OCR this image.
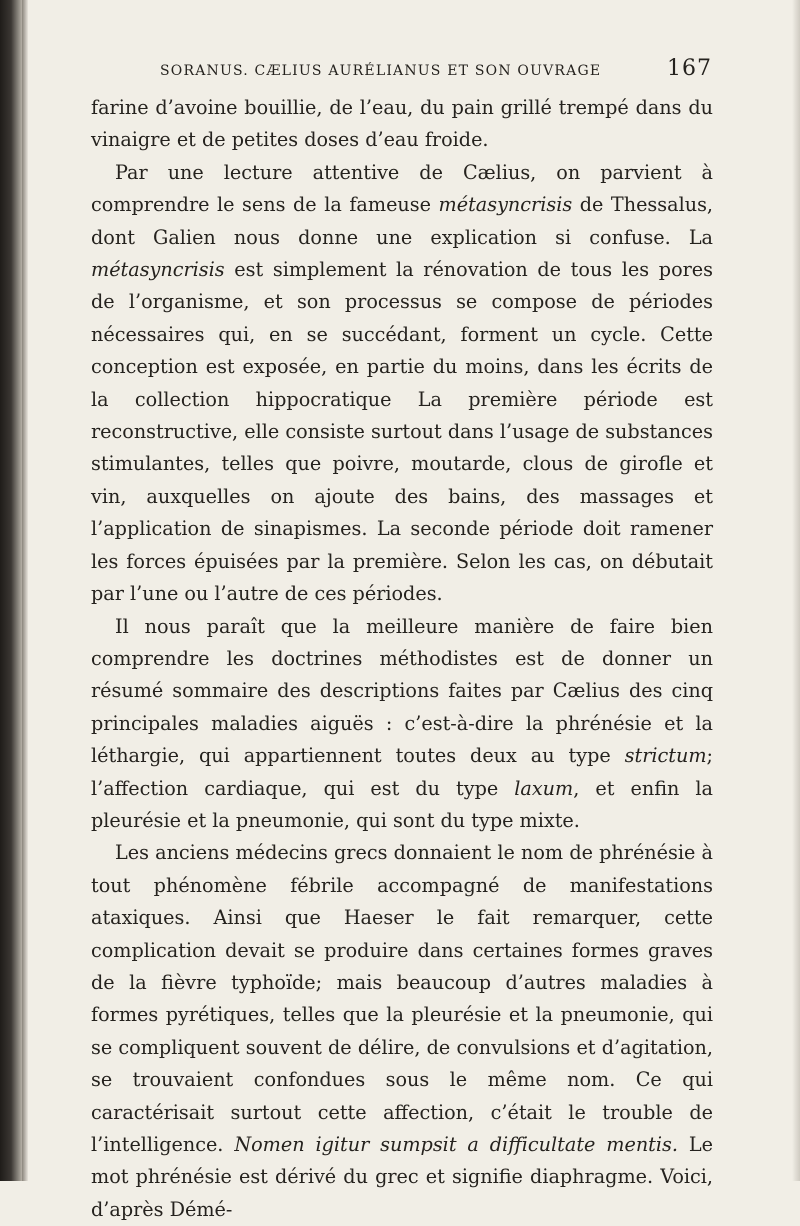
SORANUS. CÆLIUS AURÉLIANUS ET SON OUVRAGE	167

farine d’avoine bouillie, de l’eau, du pain grillé trempé dans du vinaigre et de petites doses d’eau froide.

Par une lecture attentive de Cælius, on parvient à comprendre le sens de la fameuse métasyncrisis de Thessalus, dont Galien nous donne une explication si confuse. La métasyncrisis est simplement la rénovation de tous les pores de l’organisme, et son processus se compose de périodes nécessaires qui, en se succédant, forment un cycle. Cette conception est exposée, en partie du moins, dans les écrits de la collection hippocratique La première période est reconstructive, elle consiste surtout dans l’usage de substances stimulantes, telles que poivre, moutarde, clous de girofle et vin, auxquelles on ajoute des bains, des massages et l’application de sinapismes. La seconde période doit ramener les forces épuisées par la première. Selon les cas, on débutait par l’une ou l’autre de ces périodes.

Il nous paraît que la meilleure manière de faire bien comprendre les doctrines méthodistes est de donner un résumé sommaire des descriptions faites par Cælius des cinq principales maladies aiguës : c’est-à-dire la phrénésie et la léthargie, qui appartiennent toutes deux au type strictum; l’affection cardiaque, qui est du type laxum, et enfin la pleurésie et la pneumonie, qui sont du type mixte.

Les anciens médecins grecs donnaient le nom de phrénésie à tout phénomène fébrile accompagné de manifestations ataxiques. Ainsi que Haeser le fait remarquer, cette complication devait se produire dans certaines formes graves de la fièvre typhoïde; mais beaucoup d’autres maladies à formes pyrétiques, telles que la pleurésie et la pneumonie, qui se compliquent souvent de délire, de convulsions et d’agitation, se trouvaient confondues sous le même nom. Ce qui caractérisait surtout cette affection, c’était le trouble de l’intelligence. Nomen igitur sumpsit a difficultate mentis. Le mot phrénésie est dérivé du grec et signifie diaphragme. Voici, d’après Démé-
